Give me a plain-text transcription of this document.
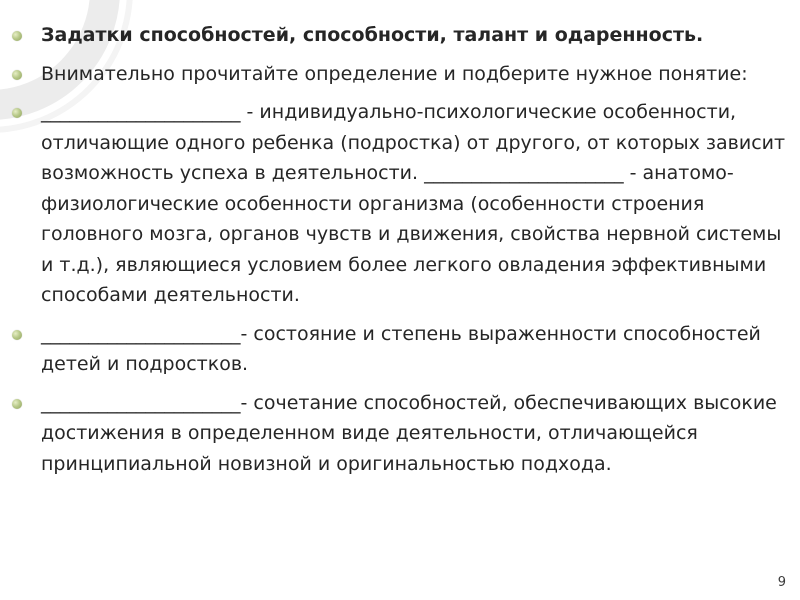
Задатки способностей, способности, талант и одаренность.
Внимательно прочитайте определение и подберите нужное понятие:
_____________________ - индивидуально-психологические особенности, отличающие одного ребенка (подростка) от другого, от которых зависит возможность успеха в деятельности. _____________________ - анатомо-физиологические особенности организма (особенности строения головного мозга, органов чувств и движения, свойства нервной системы и т.д.), являющиеся условием более легкого овладения эффективными способами деятельности.
_____________________- состояние и степень выраженности способностей детей и подростков.
_____________________- сочетание способностей, обеспечивающих высокие достижения в определенном виде деятельности, отличающейся принципиальной новизной и оригинальностью подхода.
9
